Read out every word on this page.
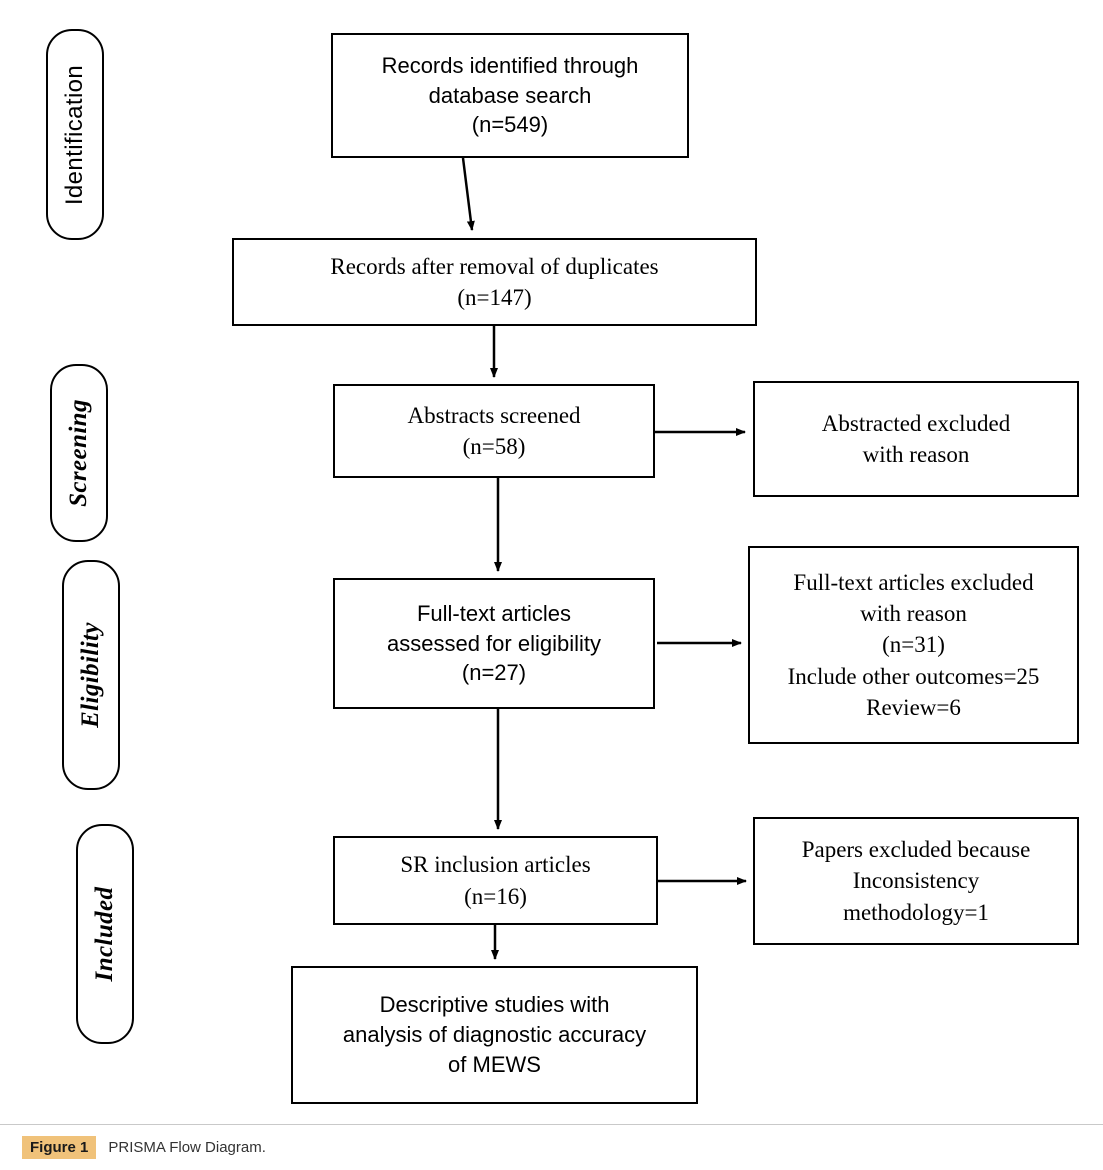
Identification
Screening
Eligibility
Included
Records identified through
database search
(n=549)
Records after removal of duplicates
(n=147)
Abstracts screened
(n=58)
Abstracted excluded
with reason
Full-text articles
assessed for eligibility
(n=27)
Full-text articles excluded
with reason
(n=31)
Include other outcomes=25
Review=6
SR inclusion articles
(n=16)
Papers excluded because
Inconsistency
methodology=1
Descriptive studies with
analysis of diagnostic accuracy
of MEWS
Figure 1	PRISMA Flow Diagram.
